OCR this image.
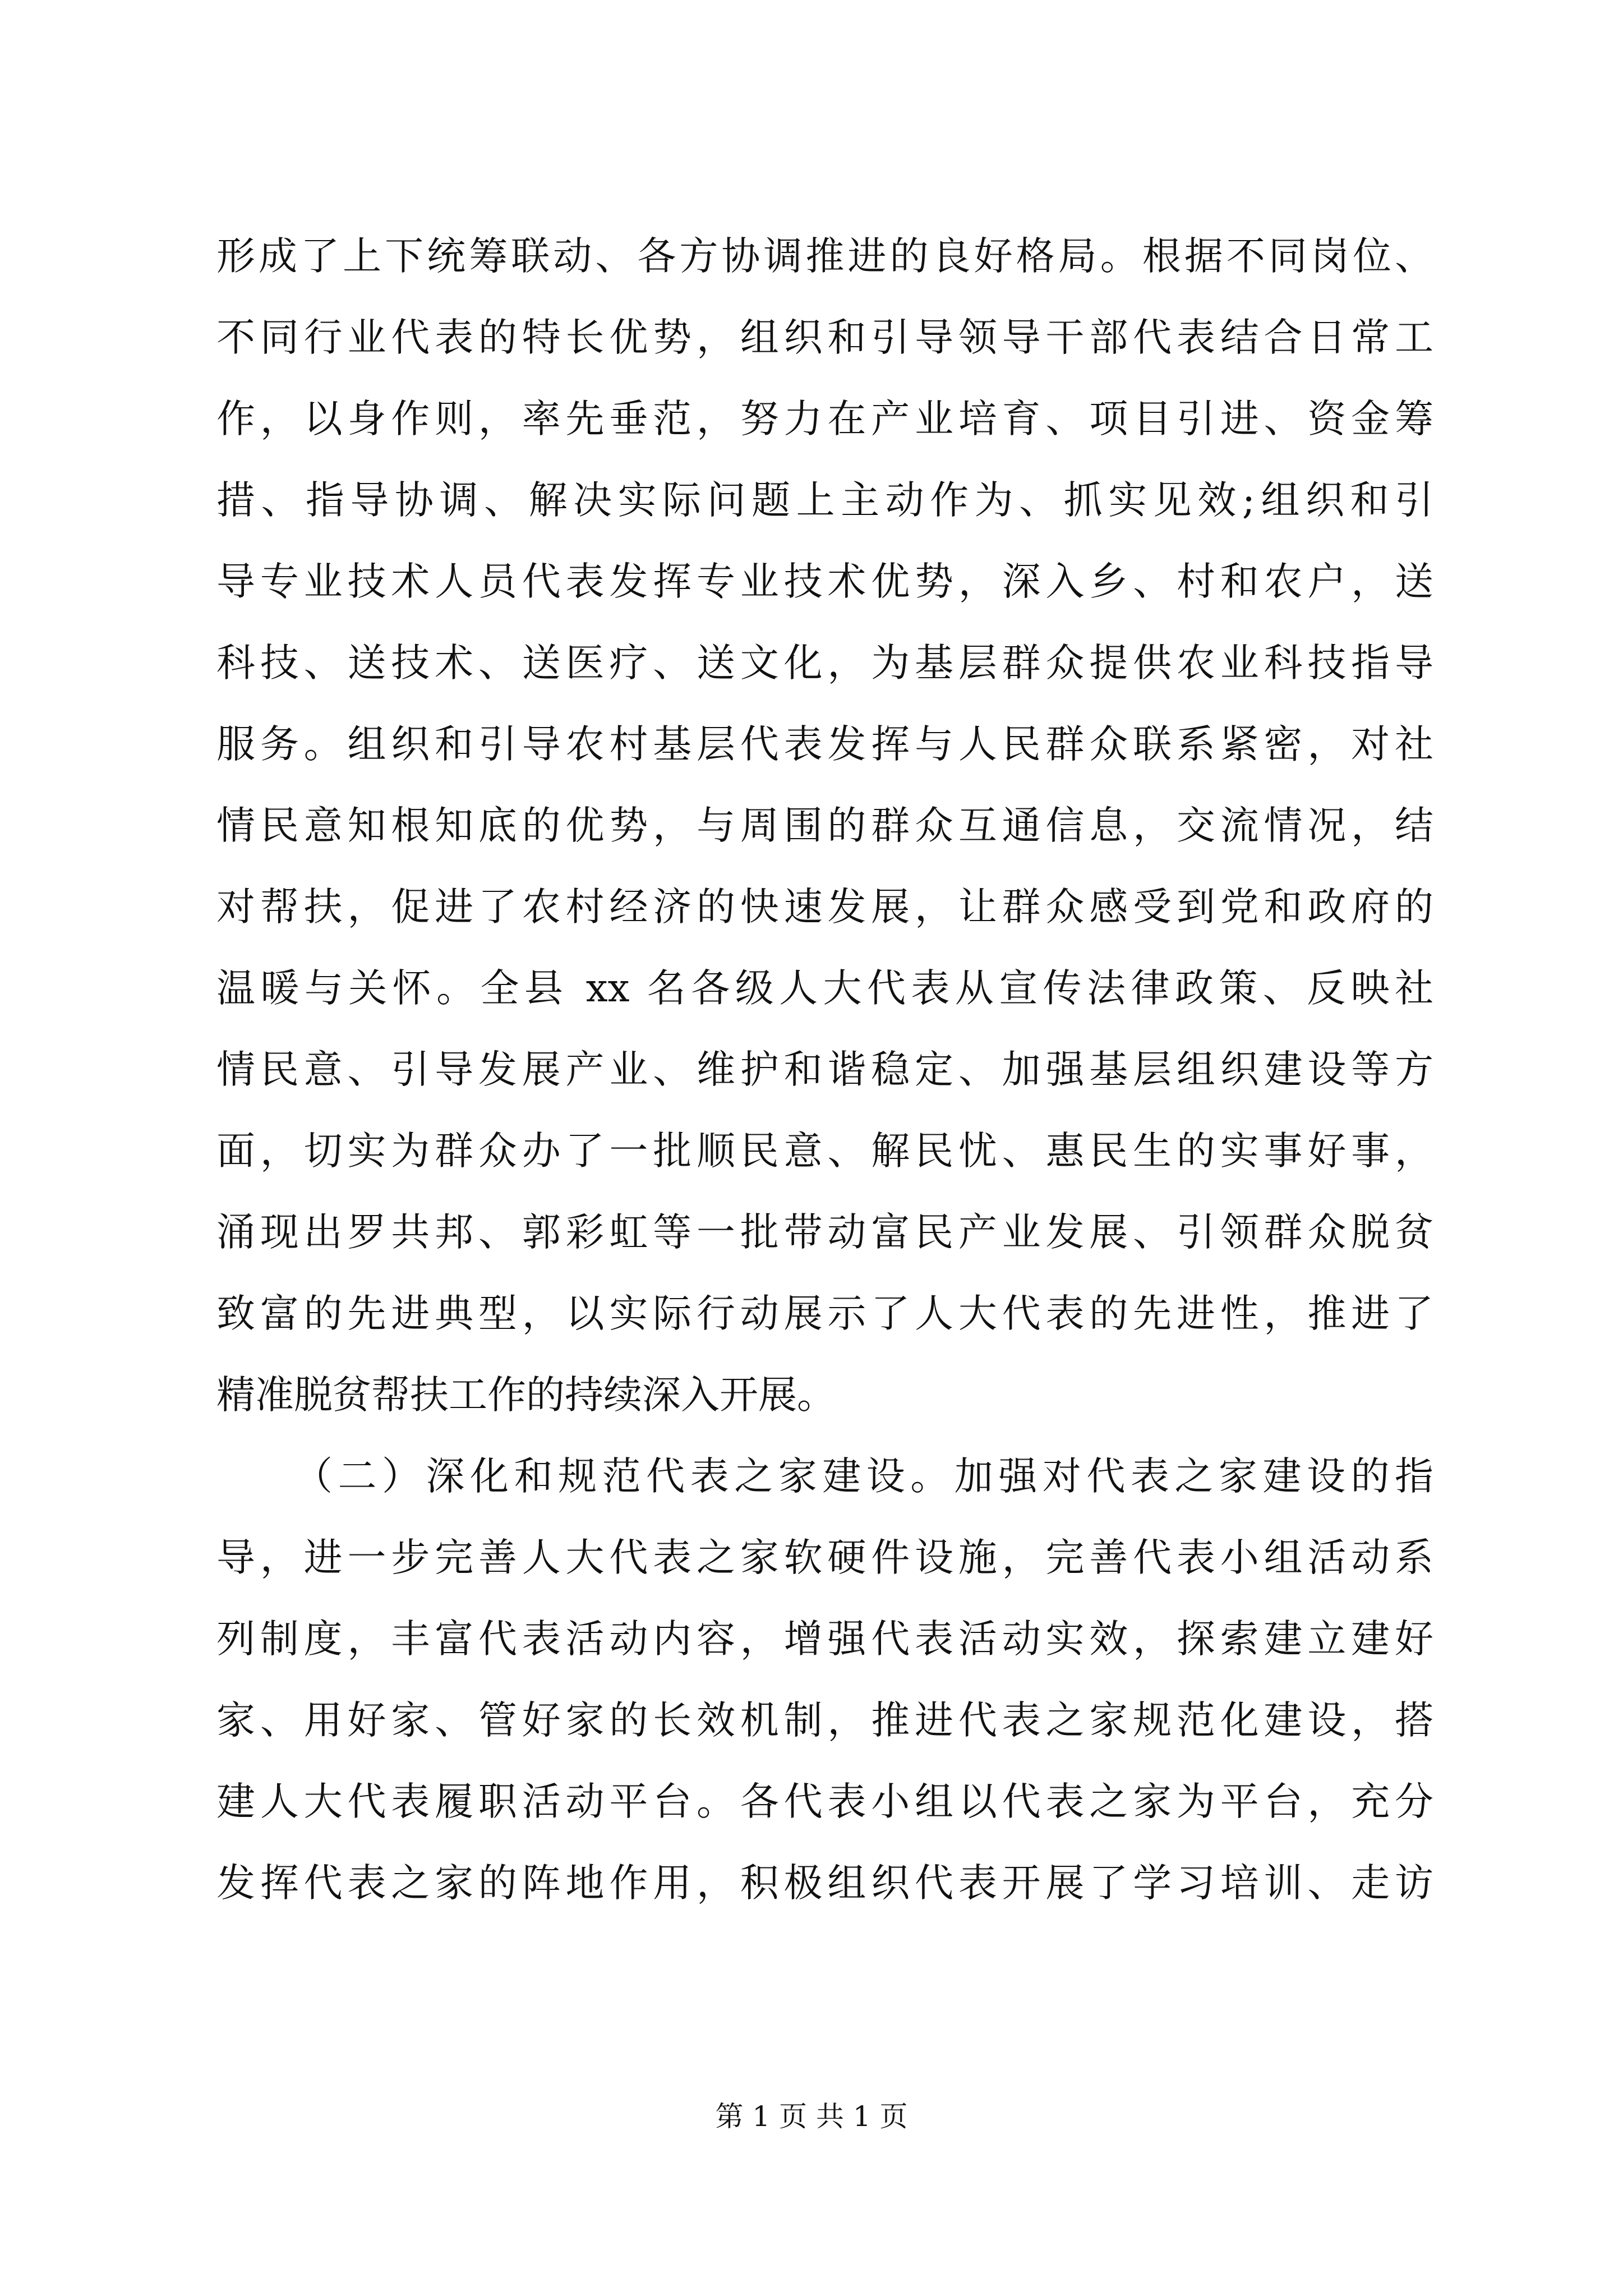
形成了上下统筹联动、各方协调推进的良好格局。根据不同岗位、
不同行业代表的特长优势，组织和引导领导干部代表结合日常工
作，以身作则，率先垂范，努力在产业培育、项目引进、资金筹
措、指导协调、解决实际问题上主动作为、抓实见效;组织和引
导专业技术人员代表发挥专业技术优势，深入乡、村和农户，送
科技、送技术、送医疗、送文化，为基层群众提供农业科技指导
服务。组织和引导农村基层代表发挥与人民群众联系紧密，对社
情民意知根知底的优势，与周围的群众互通信息，交流情况，结
对帮扶，促进了农村经济的快速发展，让群众感受到党和政府的
温暖与关怀。全县 xx 名各级人大代表从宣传法律政策、反映社
情民意、引导发展产业、维护和谐稳定、加强基层组织建设等方
面，切实为群众办了一批顺民意、解民忧、惠民生的实事好事，
涌现出罗共邦、郭彩虹等一批带动富民产业发展、引领群众脱贫
致富的先进典型，以实际行动展示了人大代表的先进性，推进了
精准脱贫帮扶工作的持续深入开展。
（二）深化和规范代表之家建设。加强对代表之家建设的指
导，进一步完善人大代表之家软硬件设施，完善代表小组活动系
列制度，丰富代表活动内容，增强代表活动实效，探索建立建好
家、用好家、管好家的长效机制，推进代表之家规范化建设，搭
建人大代表履职活动平台。各代表小组以代表之家为平台，充分
发挥代表之家的阵地作用，积极组织代表开展了学习培训、走访
第 1 页 共 1 页
